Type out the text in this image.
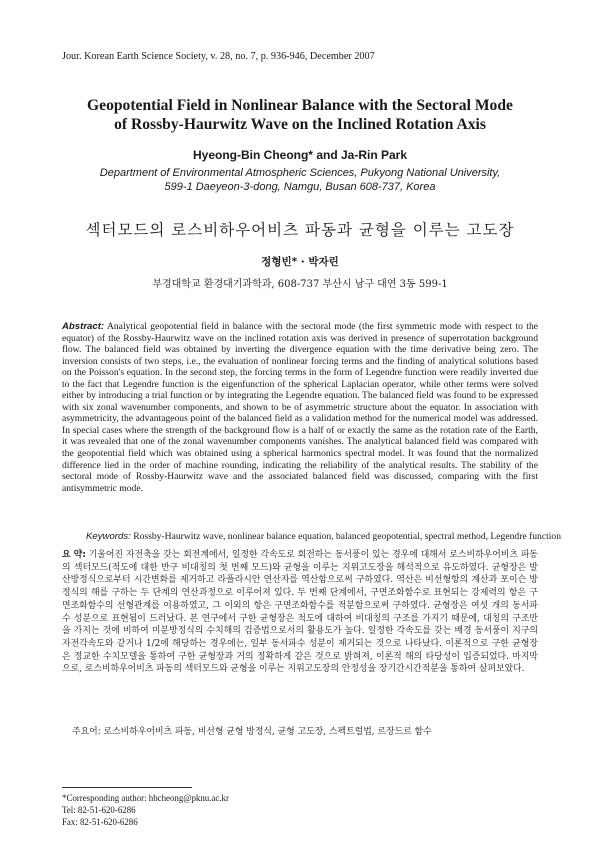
Jour. Korean Earth Science Society, v. 28, no. 7, p. 936-946, December 2007
Geopotential Field in Nonlinear Balance with the Sectoral Mode
of Rossby-Haurwitz Wave on the Inclined Rotation Axis
Hyeong-Bin Cheong* and Ja-Rin Park
Department of Environmental Atmospheric Sciences, Pukyong National University,
599-1 Daeyeon-3-dong, Namgu, Busan 608-737, Korea
섹터모드의 로스비하우어비츠 파동과 균형을 이루는 고도장
정형빈* · 박자린
부경대학교 환경대기과학과, 608-737 부산시 남구 대연 3동 599-1

Abstract: Analytical geopotential field in balance with the sectoral mode (the first symmetric mode with respect to the equator) of the Rossby-Haurwitz wave on the inclined rotation axis was derived in presence of superrotation background flow. The balanced field was obtained by inverting the divergence equation with the time derivative being zero. The inversion consists of two steps, i.e., the evaluation of nonlinear forcing terms and the finding of analytical solutions based on the Poisson's equation. In the second step, the forcing terms in the form of Legendre function were readily inverted due to the fact that Legendre function is the eigenfunction of the spherical Laplacian operator, while other terms were solved either by introducing a trial function or by integrating the Legendre equation. The balanced field was found to be expressed with six zonal wavenumber components, and shown to be of asymmetric structure about the equator. In association with asymmetricity, the advantageous point of the balanced field as a validation method for the numerical model was addressed. In special cases where the strength of the background flow is a half of or exactly the same as the rotation rate of the Earth, it was revealed that one of the zonal wavenumber components vanishes. The analytical balanced field was compared with the geopotential field which was obtained using a spherical harmonics spectral model. It was found that the normalized difference lied in the order of machine rounding, indicating the reliability of the analytical results. The stability of the sectoral mode of Rossby-Haurwitz wave and the associated balanced field was discussed, comparing with the first antisymmetric mode.

Keywords: Rossby-Haurwitz wave, nonlinear balance equation, balanced geopotential, spectral method, Legendre function

요 약: 기울어진 자전축을 갖는 회전계에서, 일정한 각속도로 회전하는 동서풍이 있는 경우에 대해서 로스비하우어비츠 파동의 섹터모드(적도에 대한 반구 비대칭의 첫 번째 모드)와 균형을 이루는 지위고도장을 해석적으로 유도하였다. 균형장은 발산방정식으로부터 시간변화를 제거하고 라플라시안 연산자를 역산함으로써 구하였다. 역산은 비선형항의 계산과 포이슨 방정식의 해를 구하는 두 단계의 연산과정으로 이루어져 있다. 두 번째 단계에서, 구면조화함수로 표현되는 강제력의 항은 구면조화함수의 선형관계를 이용하였고, 그 이외의 항은 구면조화함수를 적분함으로써 구하였다. 균형장은 여섯 개의 동서파수 성분으로 표현됨이 드러났다. 본 연구에서 구한 균형장은 적도에 대하여 비대칭의 구조를 가지기 때문에, 대칭의 구조만을 가지는 것에 비하여 미분방정식의 수치해의 검증법으로서의 활용도가 높다. 일정한 각속도를 갖는 배경 동서풍이 지구의 자전각속도와 같거나 1/2에 해당하는 경우에는, 일부 동서파수 성분이 제거되는 것으로 나타났다. 이론적으로 구한 균형장은 정교한 수치모델을 통하여 구한 균형장과 거의 정확하게 같은 것으로 밝혀져, 이론적 해의 타당성이 입증되었다. 마지막으로, 로스비하우어비츠 파동의 섹터모드와 균형을 이루는 지위고도장의 안정성을 장기간시간적분을 통하여 살펴보았다.

주요어: 로스비하우어비츠 파동, 비선형 균형 방정식, 균형 고도장, 스펙트럴법, 르장드르 함수
*Corresponding author: hbcheong@pknu.ac.kr
Tel: 82-51-620-6286
Fax: 82-51-620-6286
